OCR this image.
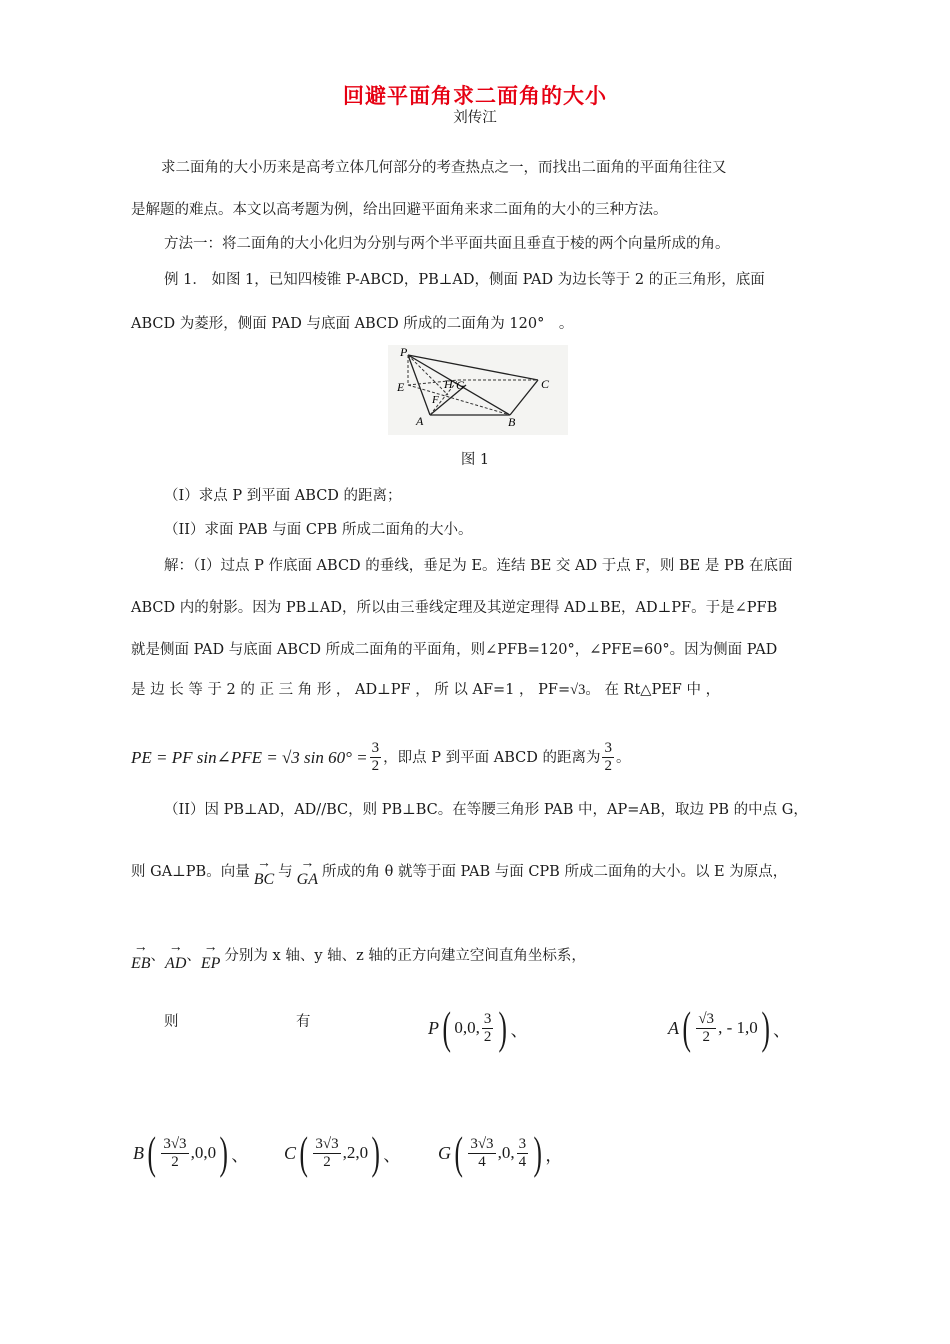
回避平面角求二面角的大小
刘传江
求二面角的大小历来是高考立体几何部分的考查热点之一，而找出二面角的平面角往往又
是解题的难点。本文以高考题为例，给出回避平面角来求二面角的大小的三种方法。
方法一：将二面角的大小化归为分别与两个半平面共面且垂直于棱的两个向量所成的角。
例 1． 如图 1，已知四棱锥 P-ABCD，PB⊥AD，侧面 PAD 为边长等于 2 的正三角形，底面
ABCD 为菱形，侧面 PAD 与底面 ABCD 所成的二面角为 120°　。
P
E	H G
F
A	B
C
图 1
（I）求点 P 到平面 ABCD 的距离；
（II）求面 PAB 与面 CPB 所成二面角的大小。
解：（I）过点 P 作底面 ABCD 的垂线，垂足为 E。连结 BE 交 AD 于点 F，则 BE 是 PB 在底面
ABCD 内的射影。因为 PB⊥AD，所以由三垂线定理及其逆定理得 AD⊥BE，AD⊥PF。于是∠PFB
就是侧面 PAD 与底面 ABCD 所成二面角的平面角，则∠PFB=120°，∠PFE=60°。因为侧面 PAD
是 边 长 等 于 2 的 正 三 角 形 ， AD⊥PF ， 所 以 AF=1 ， PF=√3。 在 Rt△PEF 中 ，
PE = PF sin∠PFE = √3 $\sin 60^\circ = \frac{3}{2}$ ，即点 P 到平面 ABCD 的距离为 $\frac{3}{2}$ 。
（II）因 PB⊥AD，AD//BC，则 PB⊥BC。在等腰三角形 PAB 中，AP=AB，取边 PB 的中点 G，
则 GA⊥PB。向量
→
BC 与
→
GA 所成的角 θ 就等于面 PAB 与面 CPB 所成二面角的大小。以 E 为原点，
→
EB 、
→
AD 、
→
EP 分别为 x 轴、y 轴、z 轴的正方向建立空间直角坐标系，
则	有	P ( 0,0, $\frac{3}{2}$ ) 、	A ( $\frac{√3}{2}$ , - 1,0 ) 、
B ( $\frac{3√3}{2} ,0,0$ ) 、 C ( $\frac{3√3}{2} ,2,0$ ) 、 G ( $\frac{3√3}{4} ,0$, $\frac{3}{4}$ ) ，
